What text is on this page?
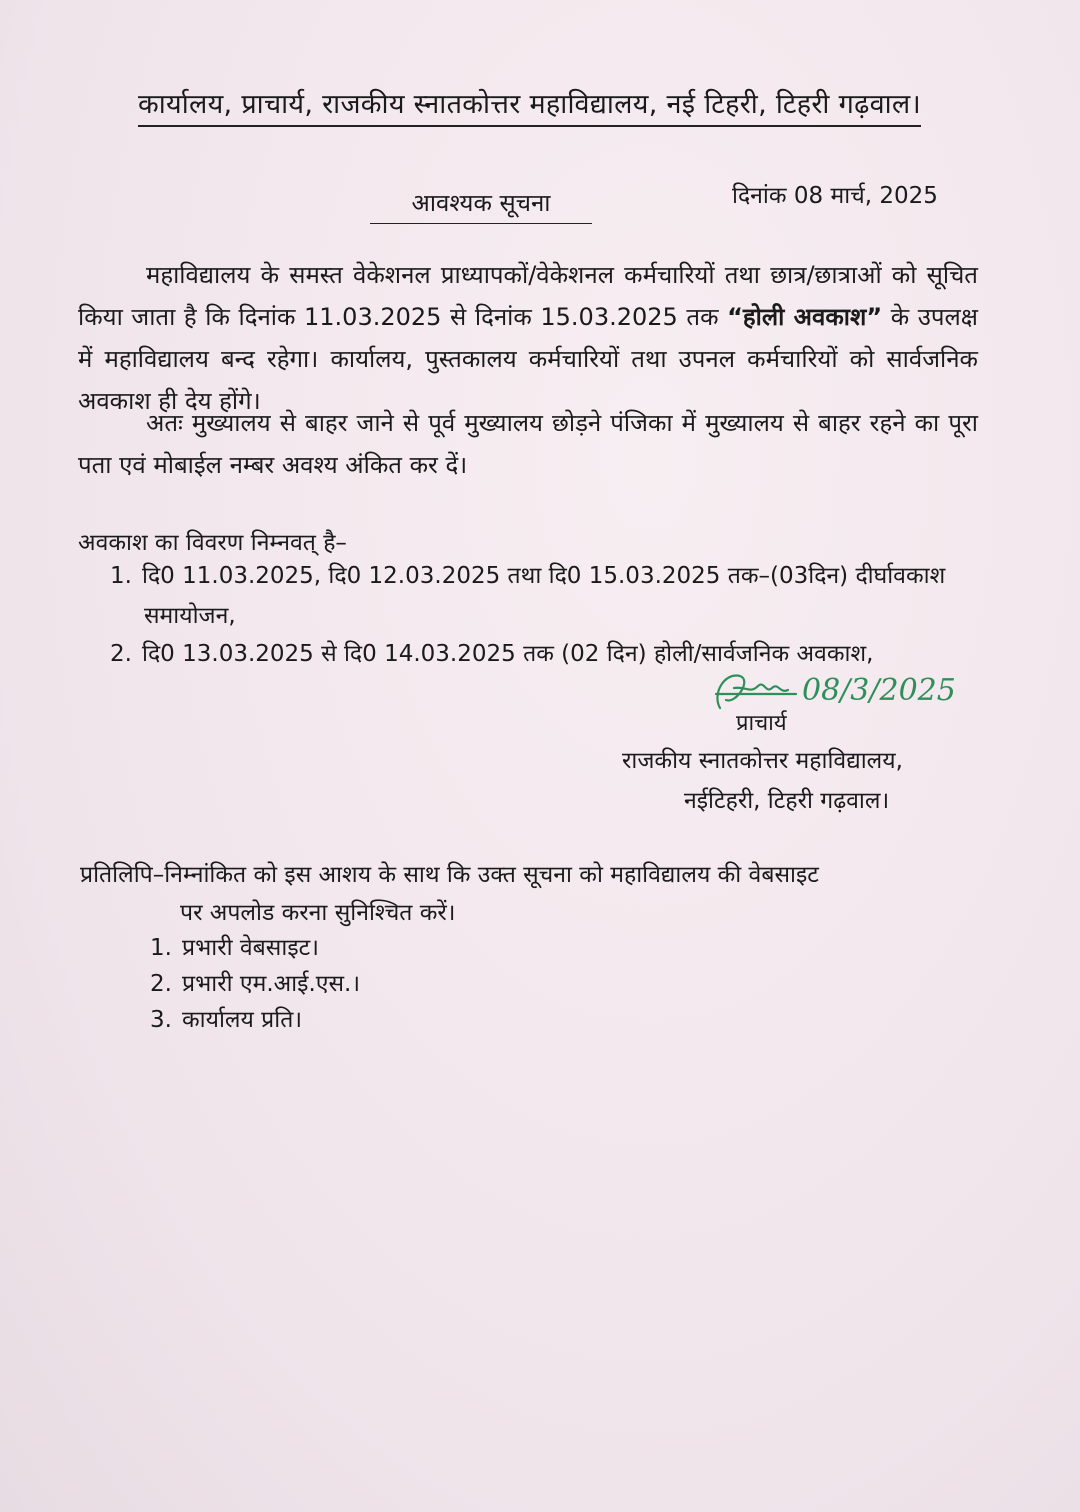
कार्यालय, प्राचार्य, राजकीय स्नातकोत्तर महाविद्यालय, नई टिहरी, टिहरी गढ़वाल।
आवश्यक सूचना	दिनांक 08 मार्च, 2025
महाविद्यालय के समस्त वेकेशनल प्राध्यापकों/वेकेशनल कर्मचारियों तथा छात्र/छात्राओं को सूचित किया जाता है कि दिनांक 11.03.2025 से दिनांक 15.03.2025 तक “होली अवकाश” के उपलक्ष में महाविद्यालय बन्द रहेगा। कार्यालय, पुस्तकालय कर्मचारियों तथा उपनल कर्मचारियों को सार्वजनिक अवकाश ही देय होंगे।
अतः मुख्यालय से बाहर जाने से पूर्व मुख्यालय छोड़ने पंजिका में मुख्यालय से बाहर रहने का पूरा पता एवं मोबाईल नम्बर अवश्य अंकित कर दें।
अवकाश का विवरण निम्नवत् है–
1. दि0 11.03.2025, दि0 12.03.2025 तथा दि0 15.03.2025 तक–(03दिन) दीर्घावकाश
समायोजन,
2. दि0 13.03.2025 से दि0 14.03.2025 तक (02 दिन) होली/सार्वजनिक अवकाश,
08/3/2025
प्राचार्य
राजकीय स्नातकोत्तर महाविद्यालय,
नईटिहरी, टिहरी गढ़वाल।
प्रतिलिपि–निम्नांकित को इस आशय के साथ कि उक्त सूचना को महाविद्यालय की वेबसाइट
पर अपलोड करना सुनिश्चित करें।
1. प्रभारी वेबसाइट।
2. प्रभारी एम.आई.एस.।
3. कार्यालय प्रति।
